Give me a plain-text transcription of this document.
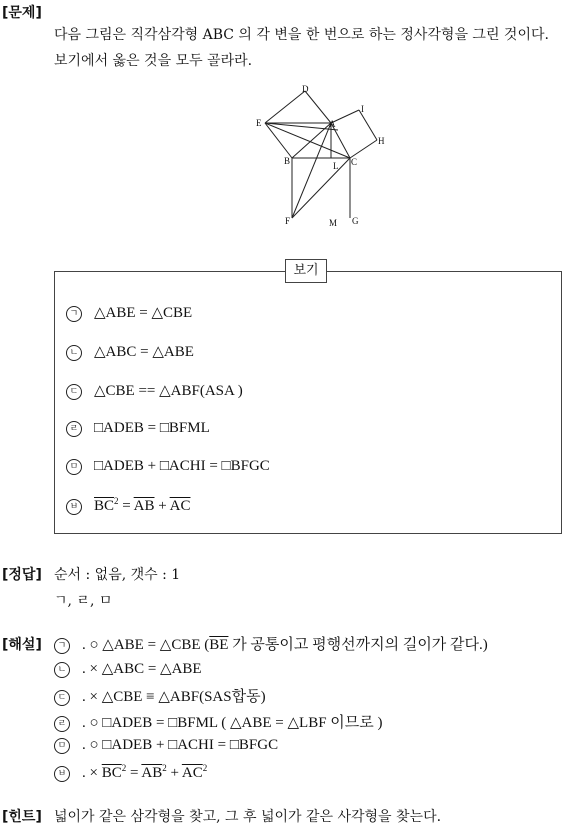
[문제]
다음 그림은 직각삼각형 ABC 의 각 변을 한 번으로 하는 정사각형을 그린 것이다.
보기에서 옳은 것을 모두 골라라.
D
E	A
I
H
B	L C
F	M G
보기
ㄱ △ABE = △CBE
ㄴ △ABC = △ABE
ㄷ △CBE == △ABF(ASA )
ㄹ □ADEB = □BFML
ㅁ □ADEB + □ACHI = □BFGC
ㅂ $\overline{BC}^2 = \overline{AB} + \overline{AC}$
[정답] 순서 : 없음, 갯수 : 1
ㄱ, ㄹ, ㅁ
[해설]	ㄱ . ○ △ABE = △CBE ($\overline{BE}$ 가 공통이고 평행선까지의 길이가 같다.)
ㄴ . × △ABC = △ABE
ㄷ . × △CBE ≡ △ABF(SAS합동)
ㄹ . ○ □ADEB = □BFML ( △ABE = △LBF 이므로 )
ㅁ . ○ □ADEB + □ACHI = □BFGC
ㅂ . × $\overline{BC}^2 = \overline{AB}^2 + \overline{AC}^2$
[힌트] 넓이가 같은 삼각형을 찾고, 그 후 넓이가 같은 사각형을 찾는다.
